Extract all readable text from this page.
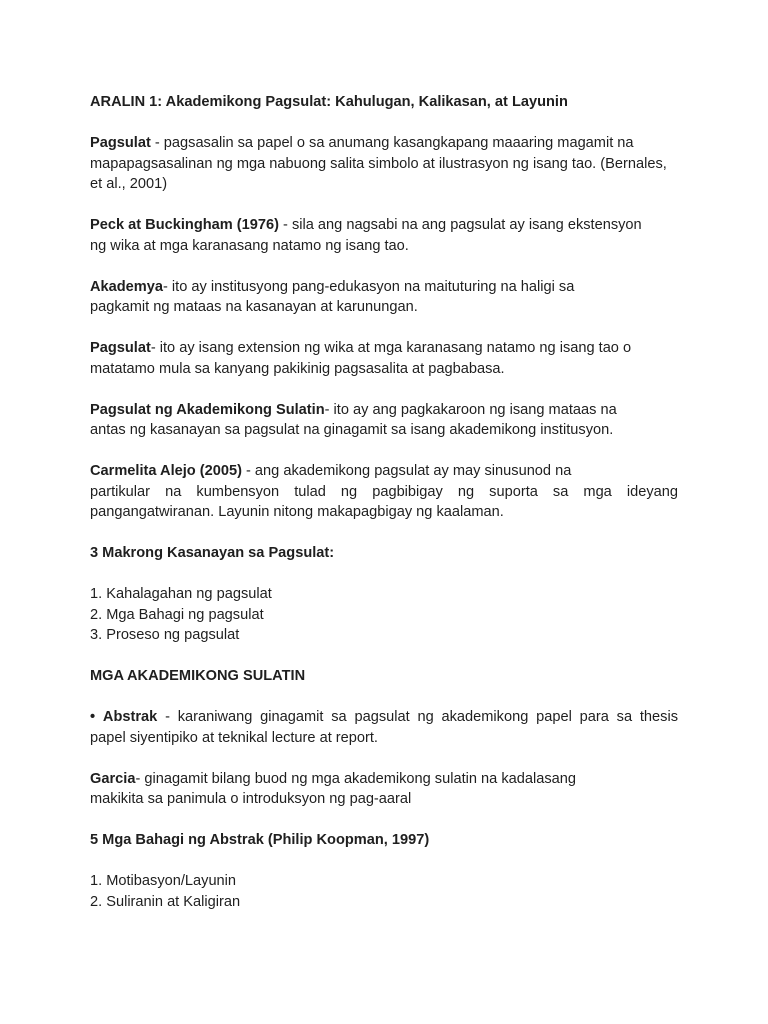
ARALIN 1: Akademikong Pagsulat: Kahulugan, Kalikasan, at Layunin

Pagsulat - pagsasalin sa papel o sa anumang kasangkapang maaaring magamit na

mapapagsasalinan ng mga nabuong salita simbolo at ilustrasyon ng isang tao. (Bernales,

et al., 2001)

Peck at Buckingham (1976) - sila ang nagsabi na ang pagsulat ay isang ekstensyon

ng wika at mga karanasang natamo ng isang tao.

Akademya- ito ay institusyong pang-edukasyon na maituturing na haligi sa

pagkamit ng mataas na kasanayan at karunungan.

Pagsulat- ito ay isang extension ng wika at mga karanasang natamo ng isang tao o

matatamo mula sa kanyang pakikinig pagsasalita at pagbabasa.

Pagsulat ng Akademikong Sulatin- ito ay ang pagkakaroon ng isang mataas na

antas ng kasanayan sa pagsulat na ginagamit sa isang akademikong institusyon.

Carmelita Alejo (2005) - ang akademikong pagsulat ay may sinusunod na

partikular na kumbensyon tulad ng pagbibigay ng suporta sa mga ideyang

pangangatwiranan. Layunin nitong makapagbigay ng kaalaman.

3 Makrong Kasanayan sa Pagsulat:

1. Kahalagahan ng pagsulat

2. Mga Bahagi ng pagsulat

3. Proseso ng pagsulat

MGA AKADEMIKONG SULATIN

• Abstrak - karaniwang ginagamit sa pagsulat ng akademikong papel para sa thesis

papel siyentipiko at teknikal lecture at report.

Garcia- ginagamit bilang buod ng mga akademikong sulatin na kadalasang

makikita sa panimula o introduksyon ng pag-aaral

5 Mga Bahagi ng Abstrak (Philip Koopman, 1997)

1. Motibasyon/Layunin

2. Suliranin at Kaligiran
